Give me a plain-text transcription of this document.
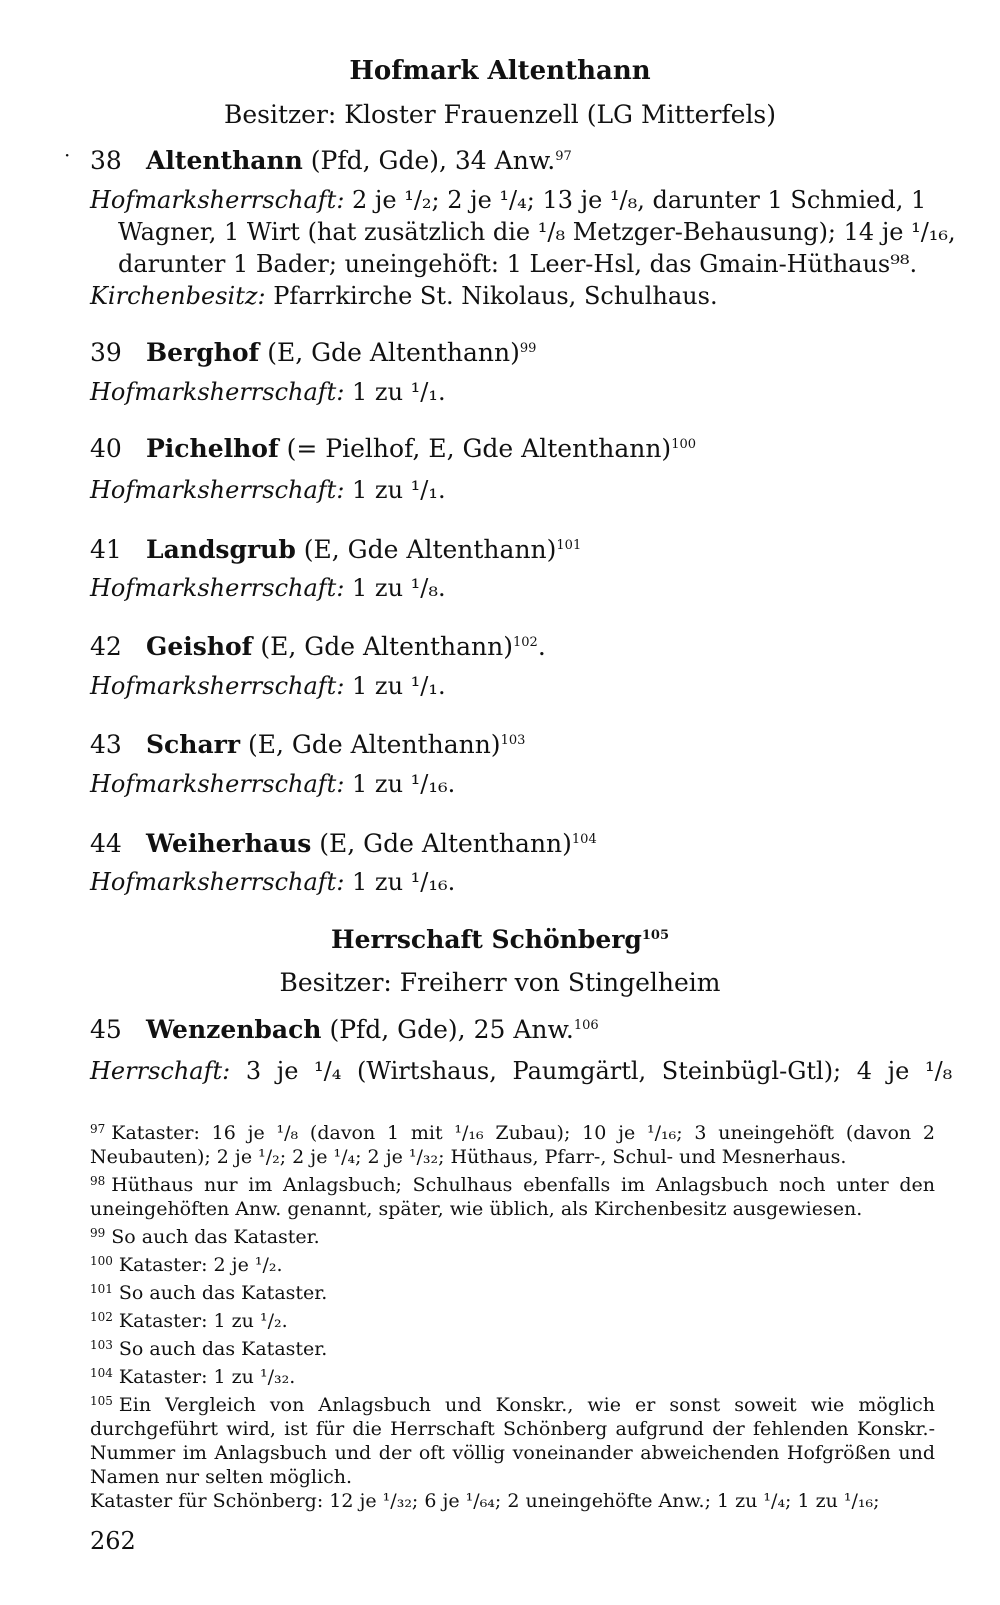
Hofmark Altenthann
Besitzer: Kloster Frauenzell (LG Mitterfels)
· 38 Altenthann (Pfd, Gde), 34 Anw.$^{97}$
Hofmarksherrschaft: 2 je ¹/₂; 2 je ¹/₄; 13 je ¹/₈, darunter 1 Schmied, 1
Wagner, 1 Wirt (hat zusätzlich die ¹/₈ Metzger-Behausung); 14 je ¹/₁₆,
darunter 1 Bader; uneingehöft: 1 Leer-Hsl, das Gmain-Hüthaus⁹⁸.
Kirchenbesitz: Pfarrkirche St. Nikolaus, Schulhaus.
39 Berghof (E, Gde Altenthann)$^{99}$
Hofmarksherrschaft: 1 zu ¹/₁.
40 Pichelhof (= Pielhof, E, Gde Altenthann)$^{100}$
Hofmarksherrschaft: 1 zu ¹/₁.
41 Landsgrub (E, Gde Altenthann)$^{101}$
Hofmarksherrschaft: 1 zu ¹/₈.
42 Geishof (E, Gde Altenthann)$^{102}$.
Hofmarksherrschaft: 1 zu ¹/₁.
43 Scharr (E, Gde Altenthann)$^{103}$
Hofmarksherrschaft: 1 zu ¹/₁₆.
44 Weiherhaus (E, Gde Altenthann)$^{104}$
Hofmarksherrschaft: 1 zu ¹/₁₆.
Herrschaft Schönberg$^{105}$
Besitzer: Freiherr von Stingelheim
45 Wenzenbach (Pfd, Gde), 25 Anw.$^{106}$
Herrschaft: 3 je ¹/₄ (Wirtshaus, Paumgärtl, Steinbügl-Gtl); 4 je ¹/₈
$^{97}$ Kataster: 16 je ¹/₈ (davon 1 mit ¹/₁₆ Zubau); 10 je ¹/₁₆; 3 uneingehöft (davon 2 Neubauten); 2 je ¹/₂; 2 je ¹/₄; 2 je ¹/₃₂; Hüthaus, Pfarr-, Schul- und Mesnerhaus.
$^{98}$ Hüthaus nur im Anlagsbuch; Schulhaus ebenfalls im Anlagsbuch noch unter den uneingehöften Anw. genannt, später, wie üblich, als Kirchenbesitz ausgewiesen.
$^{99}$ So auch das Kataster.
$^{100}$ Kataster: 2 je ¹/₂.
$^{101}$ So auch das Kataster.
$^{102}$ Kataster: 1 zu ¹/₂.
$^{103}$ So auch das Kataster.
$^{104}$ Kataster: 1 zu ¹/₃₂.
$^{105}$ Ein Vergleich von Anlagsbuch und Konskr., wie er sonst soweit wie möglich durchgeführt wird, ist für die Herrschaft Schönberg aufgrund der fehlenden Konskr.-Nummer im Anlagsbuch und der oft völlig voneinander abweichenden Hofgrößen und Namen nur selten möglich.
Kataster für Schönberg: 12 je ¹/₃₂; 6 je ¹/₆₄; 2 uneingehöfte Anw.; 1 zu ¹/₄; 1 zu ¹/₁₆;
262
